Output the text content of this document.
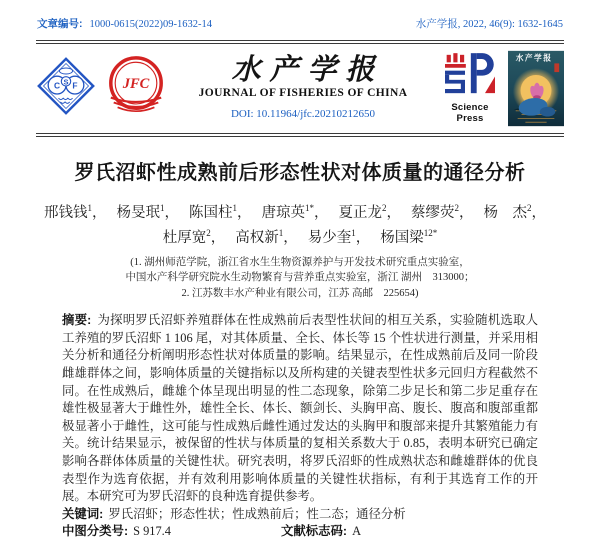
文章编号: 1000-0615(2022)09-1632-14	水产学报, 2022, 46(9): 1632-1645
C S F	JFC	水产学报
JOURNAL OF FISHERIES OF CHINA
DOI: 10.11964/jfc.20210212650
Science Press
水产学报
罗氏沼虾性成熟前后形态性状对体质量的通径分析
邢钱钱$^1$， 杨旻珉$^1$， 陈国柱$^1$， 唐琼英$^{1*}$， 夏正龙$^2$， 蔡缪荧$^2$， 杨　杰$^2$，
杜厚宽$^2$， 高权新$^1$， 易少奎$^1$， 杨国梁$^{12*}$
(1. 湖州师范学院，浙江省水生生物资源养护与开发技术研究重点实验室，
中国水产科学研究院水生动物繁育与营养重点实验室，浙江 湖州　313000；
2. 江苏数丰水产种业有限公司，江苏 高邮　225654)
摘要: 为探明罗氏沼虾养殖群体在性成熟前后表型性状间的相互关系，实验随机选取人工养殖的罗氏沼虾 1 106 尾，对其体质量、全长、体长等 15 个性状进行测量，并采用相关分析和通径分析阐明形态性状对体质量的影响。结果显示，在性成熟前后及同一阶段雌雄群体之间，影响体质量的关键指标以及所构建的关键表型性状多元回归方程截然不同。在性成熟后，雌雄个体呈现出明显的性二态现象，除第二步足长和第二步足重存在雄性极显著大于雌性外，雄性全长、体长、额剑长、头胸甲高、腹长、腹高和腹部重都极显著小于雌性，这可能与性成熟后雌性通过发达的头胸甲和腹部来提升其繁殖能力有关。统计结果显示，被保留的性状与体质量的复相关系数大于 0.85，表明本研究已确定影响各群体体质量的关键性状。研究表明，将罗氏沼虾的性成熟状态和雌雄群体的优良表型作为选育依据，并有效利用影响体质量的关键性状指标，有利于其选育工作的开展。本研究可为罗氏沼虾的良种选育提供参考。
关键词: 罗氏沼虾；形态性状；性成熟前后；性二态；通径分析
中图分类号: S 917.4	文献标志码: A
